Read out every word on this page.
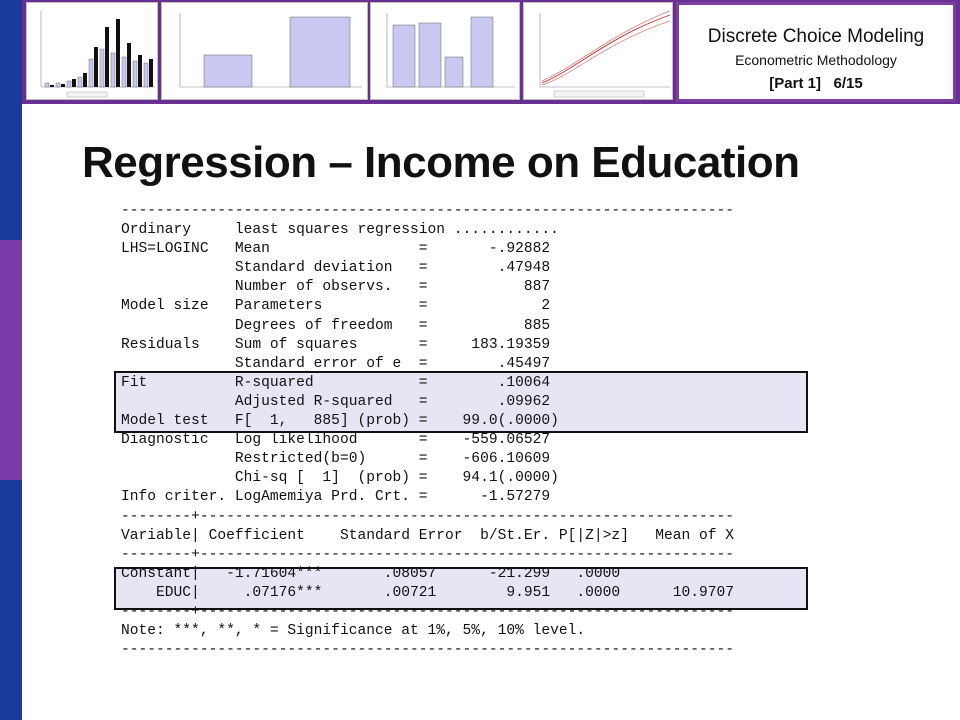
Discrete Choice Modeling
Econometric Methodology
[Part 1] 6/15
Regression – Income on Education
----------------------------------------------------------------------
Ordinary     least squares regression ............
LHS=LOGINC   Mean                 =       -.92882
Standard deviation   =        .47948
Number of observs.   =           887
Model size   Parameters           =             2
Degrees of freedom   =           885
Residuals    Sum of squares       =     183.19359
Standard error of e  =        .45497
Fit          R-squared            =        .10064
Adjusted R-squared   =        .09962
Model test   F[  1,   885] (prob) =    99.0(.0000)
Diagnostic   Log likelihood       =    -559.06527
Restricted(b=0)      =    -606.10609
Chi-sq [  1]  (prob) =    94.1(.0000)
Info criter. LogAmemiya Prd. Crt. =      -1.57279
--------+-------------------------------------------------------------
Variable| Coefficient    Standard Error  b/St.Er. P[|Z|>z]   Mean of X
--------+-------------------------------------------------------------
Constant|   -1.71604***       .08057      -21.299   .0000
EDUC|     .07176***       .00721        9.951   .0000      10.9707
--------+-------------------------------------------------------------
Note: ***, **, * = Significance at 1%, 5%, 10% level.
----------------------------------------------------------------------
